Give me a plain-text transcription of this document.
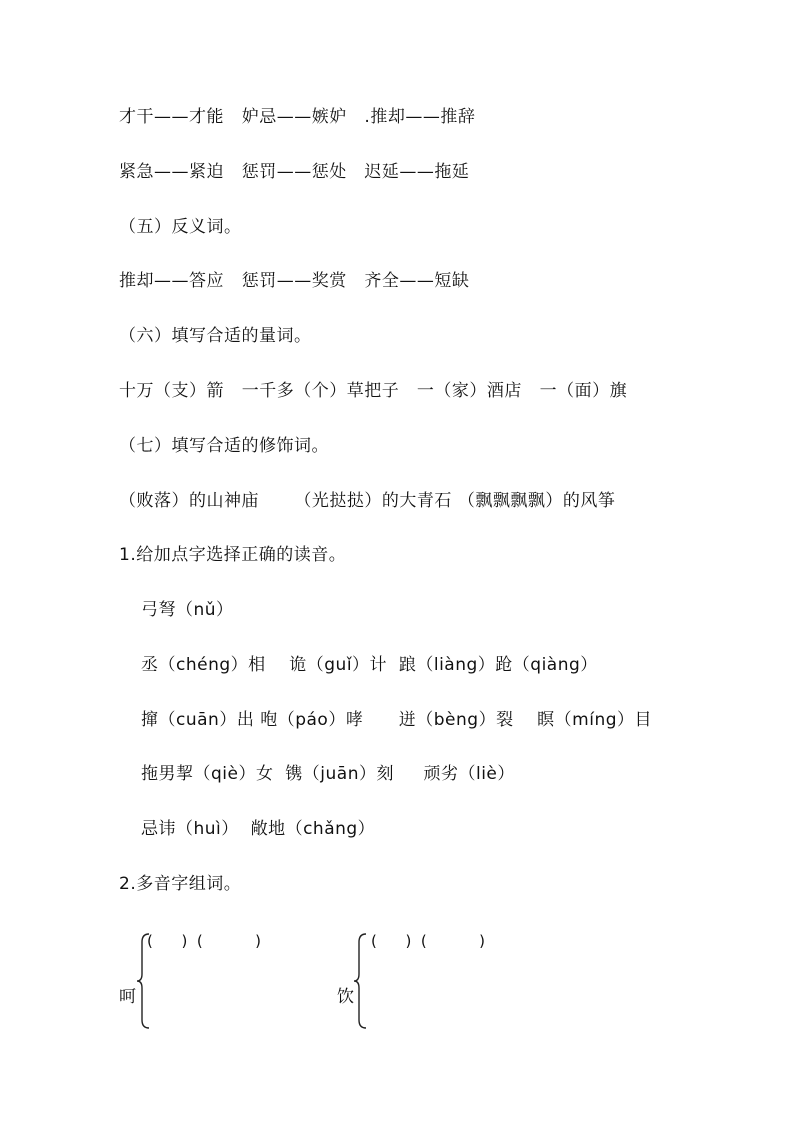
才干——才能   妒忌——嫉妒   .推却——推辞
紧急——紧迫   惩罚——惩处   迟延——拖延
（五）反义词。
推却——答应   惩罚——奖赏   齐全——短缺
（六）填写合适的量词。
十万（支）箭   一千多（个）草把子   一（家）酒店   一（面）旗
（七）填写合适的修饰词。
（败落）的山神庙      （光挞挞）的大青石 （飘飘飘飘）的风筝
1.给加点字选择正确的读音。
弓弩（nǔ）
丞（chéng）相    诡（guǐ）计  踉（liàng）跄（qiàng）
撺（cuān）出 咆（páo）哮      迸（bèng）裂    瞑（míng）目
拖男挈（qiè）女  镌（juān）刻     顽劣（liè）
忌讳（huì）  敞地（chǎng）
2.多音字组词。
呵
(      )  (           )
饮
(      )  (           )
